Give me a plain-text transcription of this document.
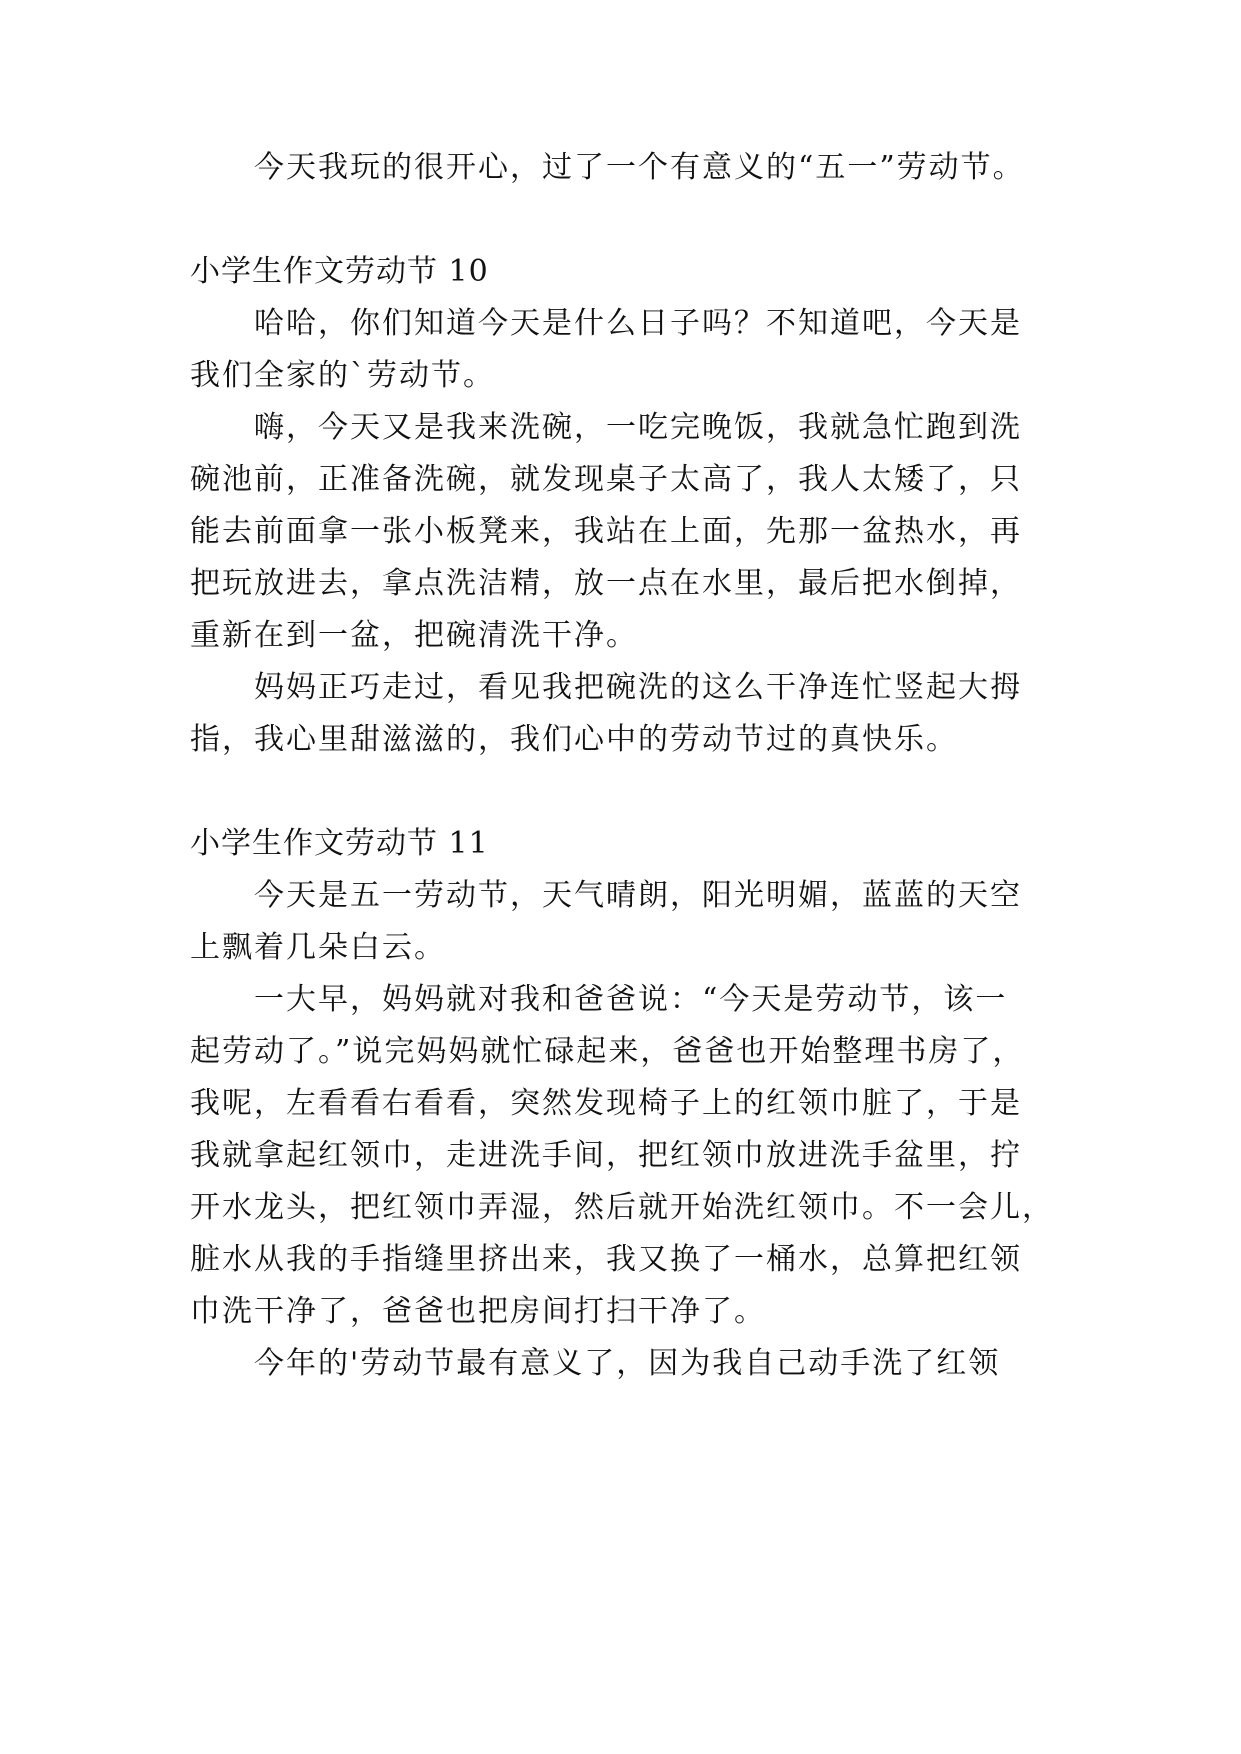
今天我玩的很开心，过了一个有意义的“五一”劳动节。
小学生作文劳动节 10
哈哈，你们知道今天是什么日子吗？不知道吧，今天是
我们全家的`劳动节。
嗨，今天又是我来洗碗，一吃完晚饭，我就急忙跑到洗
碗池前，正准备洗碗，就发现桌子太高了，我人太矮了，只
能去前面拿一张小板凳来，我站在上面，先那一盆热水，再
把玩放进去，拿点洗洁精，放一点在水里，最后把水倒掉，
重新在到一盆，把碗清洗干净。
妈妈正巧走过，看见我把碗洗的这么干净连忙竖起大拇
指，我心里甜滋滋的，我们心中的劳动节过的真快乐。
小学生作文劳动节 11
今天是五一劳动节，天气晴朗，阳光明媚，蓝蓝的天空
上飘着几朵白云。
一大早，妈妈就对我和爸爸说：“今天是劳动节，该一
起劳动了。”说完妈妈就忙碌起来，爸爸也开始整理书房了，
我呢，左看看右看看，突然发现椅子上的红领巾脏了，于是
我就拿起红领巾，走进洗手间，把红领巾放进洗手盆里，拧
开水龙头，把红领巾弄湿，然后就开始洗红领巾。不一会儿，
脏水从我的手指缝里挤出来，我又换了一桶水，总算把红领
巾洗干净了，爸爸也把房间打扫干净了。
今年的'劳动节最有意义了，因为我自己动手洗了红领
